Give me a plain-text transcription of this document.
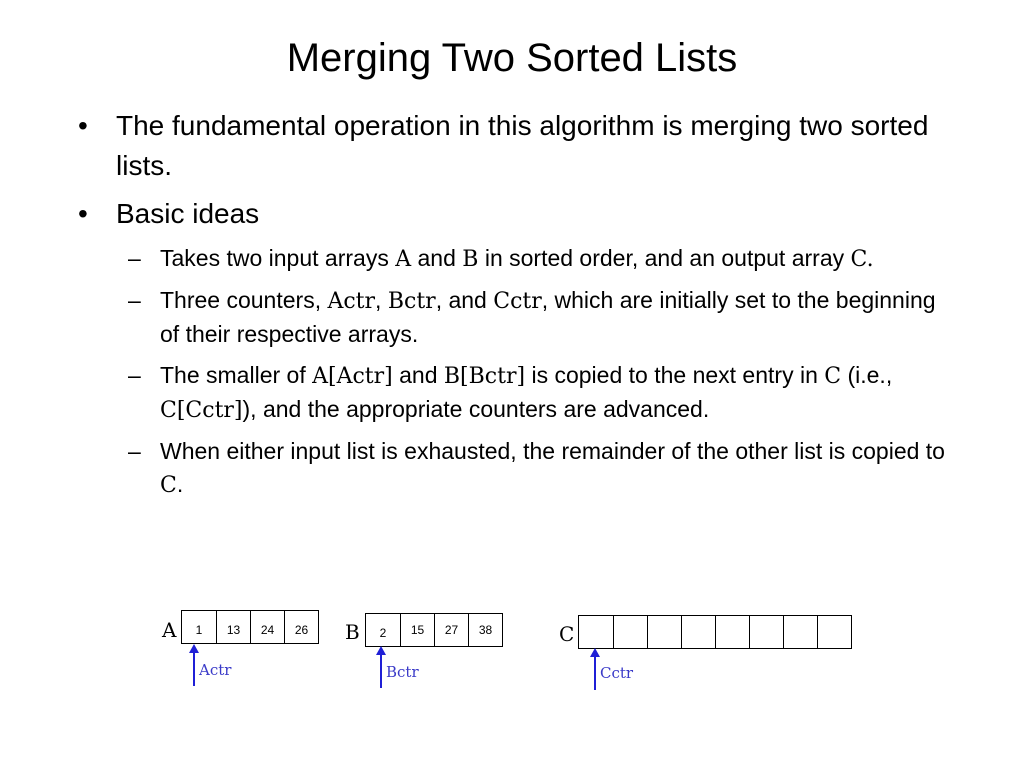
Merging Two Sorted Lists
• The fundamental operation in this algorithm is merging two sorted lists.
• Basic ideas
– Takes two input arrays A and B in sorted order, and an output array C.
– Three counters, Actr, Bctr, and Cctr, which are initially set to the beginning of their respective arrays.
– The smaller of A[Actr] and B[Bctr] is copied to the next entry in C (i.e., C[Cctr]), and the appropriate counters are advanced.
– When either input list is exhausted, the remainder of the other list is copied to C.
A	1	13	24	26
Actr
B	2	15	27	38
Bctr
C
Cctr
